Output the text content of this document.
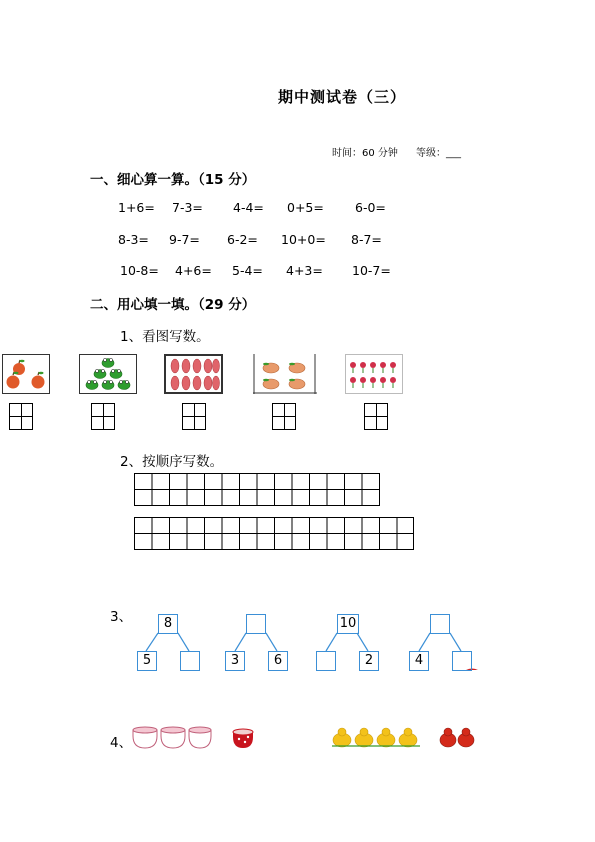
期中测试卷（三）
时间：60 分钟 等级：___
一、细心算一算。（15 分）
1+6= 7-3= 4-4= 0+5= 6-0=
8-3= 9-7= 6-2= 10+0= 8-7=
10-8= 4+6= 5-4= 4+3= 10-7=
二、用心填一填。（29 分）
1、看图写数。
2、按顺序写数。
3、	8
5	3	6
10
2	4
4、
